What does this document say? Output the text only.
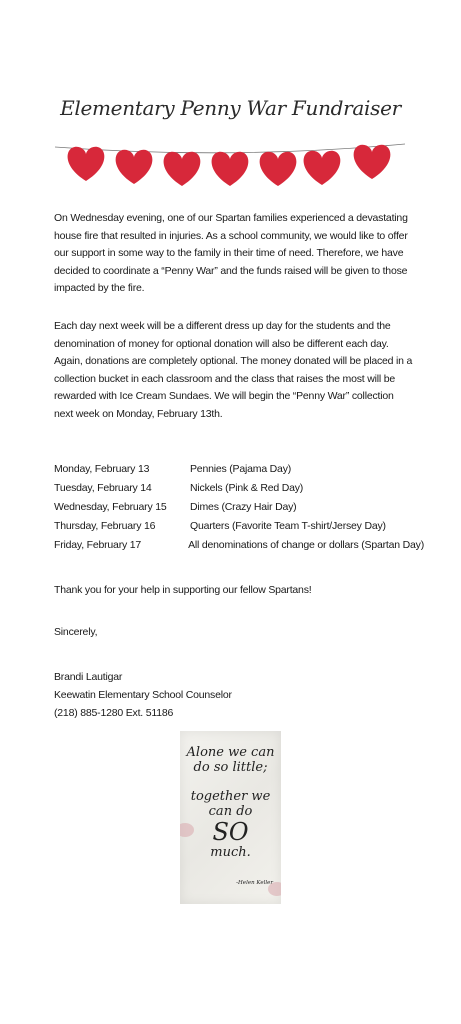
Elementary Penny War Fundraiser

On Wednesday evening, one of our Spartan families experienced a devastating house fire that resulted in injuries. As a school community, we would like to offer our support in some way to the family in their time of need. Therefore, we have decided to coordinate a “Penny War” and the funds raised will be given to those impacted by the fire.

Each day next week will be a different dress up day for the students and the denomination of money for optional donation will also be different each day. Again, donations are completely optional. The money donated will be placed in a collection bucket in each classroom and the class that raises the most will be rewarded with Ice Cream Sundaes. We will begin the “Penny War” collection next week on Monday, February 13th.

Monday, February 13	Pennies (Pajama Day)
Tuesday, February 14	Nickels (Pink & Red Day)
Wednesday, February 15	Dimes (Crazy Hair Day)
Thursday, February 16	Quarters (Favorite Team T-shirt/Jersey Day)
Friday, February 17	All denominations of change or dollars (Spartan Day)
Thank you for your help in supporting our fellow Spartans!
Sincerely,
Brandi Lautigar
Keewatin Elementary School Counselor
(218) 885-1280 Ext. 51186
Alone we can do so little;
together we can do
SO
much.
-Helen Keller
